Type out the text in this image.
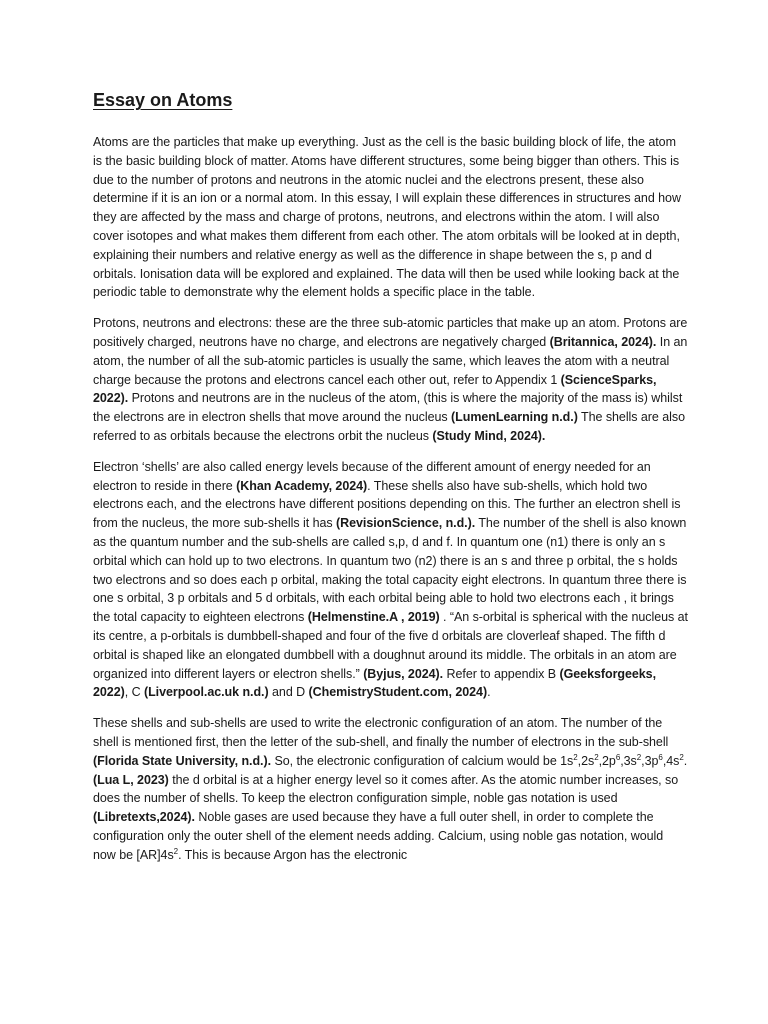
Essay on Atoms

Atoms are the particles that make up everything. Just as the cell is the basic building block of life, the atom is the basic building block of matter. Atoms have different structures, some being bigger than others. This is due to the number of protons and neutrons in the atomic nuclei and the electrons present, these also determine if it is an ion or a normal atom. In this essay, I will explain these differences in structures and how they are affected by the mass and charge of protons, neutrons, and electrons within the atom. I will also cover isotopes and what makes them different from each other. The atom orbitals will be looked at in depth, explaining their numbers and relative energy as well as the difference in shape between the s, p and d orbitals. Ionisation data will be explored and explained. The data will then be used while looking back at the periodic table to demonstrate why the element holds a specific place in the table.

Protons, neutrons and electrons: these are the three sub-atomic particles that make up an atom. Protons are positively charged, neutrons have no charge, and electrons are negatively charged (Britannica, 2024). In an atom, the number of all the sub-atomic particles is usually the same, which leaves the atom with a neutral charge because the protons and electrons cancel each other out, refer to Appendix 1 (ScienceSparks, 2022). Protons and neutrons are in the nucleus of the atom, (this is where the majority of the mass is) whilst the electrons are in electron shells that move around the nucleus (LumenLearning n.d.) The shells are also referred to as orbitals because the electrons orbit the nucleus (Study Mind, 2024).

Electron ‘shells’ are also called energy levels because of the different amount of energy needed for an electron to reside in there (Khan Academy, 2024). These shells also have sub-shells, which hold two electrons each, and the electrons have different positions depending on this. The further an electron shell is from the nucleus, the more sub-shells it has (RevisionScience, n.d.). The number of the shell is also known as the quantum number and the sub-shells are called s,p, d and f. In quantum one (n1) there is only an s orbital which can hold up to two electrons. In quantum two (n2) there is an s and three p orbital, the s holds two electrons and so does each p orbital, making the total capacity eight electrons. In quantum three there is one s orbital, 3 p orbitals and 5 d orbitals, with each orbital being able to hold two electrons each , it brings the total capacity to eighteen electrons (Helmenstine.A , 2019) . “An s-orbital is spherical with the nucleus at its centre, a p-orbitals is dumbbell-shaped and four of the five d orbitals are cloverleaf shaped. The fifth d orbital is shaped like an elongated dumbbell with a doughnut around its middle. The orbitals in an atom are organized into different layers or electron shells.” (Byjus, 2024). Refer to appendix B (Geeksforgeeks, 2022), C (Liverpool.ac.uk n.d.) and D (ChemistryStudent.com, 2024).

These shells and sub-shells are used to write the electronic configuration of an atom. The number of the shell is mentioned first, then the letter of the sub-shell, and finally the number of electrons in the sub-shell (Florida State University, n.d.). So, the electronic configuration of calcium would be $1s^2,2s^2,2p^6,3s^2,3p^6,4s^2$. (Lua L, 2023) the d orbital is at a higher energy level so it comes after. As the atomic number increases, so does the number of shells. To keep the electron configuration simple, noble gas notation is used (Libretexts,2024). Noble gases are used because they have a full outer shell, in order to complete the configuration only the outer shell of the element needs adding. Calcium, using noble gas notation, would now be $[AR]4s^2$. This is because Argon has the electronic
